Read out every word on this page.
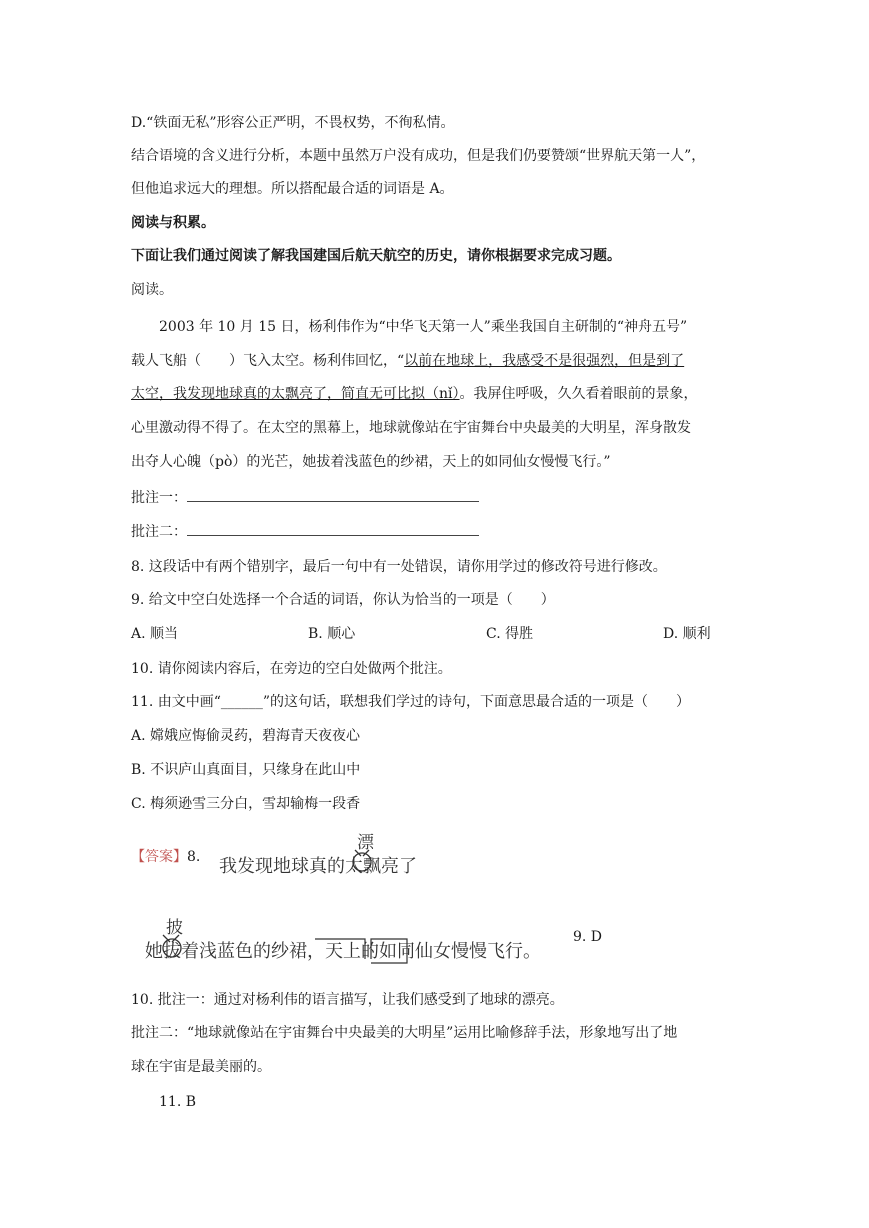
D.“铁面无私”形容公正严明，不畏权势，不徇私情。
结合语境的含义进行分析，本题中虽然万户没有成功，但是我们仍要赞颂“世界航天第一人”，
但他追求远大的理想。所以搭配最合适的词语是 A。
阅读与积累。
下面让我们通过阅读了解我国建国后航天航空的历史，请你根据要求完成习题。
阅读。
2003 年 10 月 15 日，杨利伟作为“中华飞天第一人”乘坐我国自主研制的“神舟五号”
载人飞船（ ）飞入太空。杨利伟回忆，“以前在地球上，我感受不是很强烈，但是到了
太空，我发现地球真的太飘亮了，简直无可比拟（nǐ）。我屏住呼吸，久久看着眼前的景象，
心里激动得不得了。在太空的黑幕上，地球就像站在宇宙舞台中央最美的大明星，浑身散发
出夺人心魄（pò）的光芒，她拔着浅蓝色的纱裙，天上的如同仙女慢慢飞行。”
批注一：
批注二：
8. 这段话中有两个错别字，最后一句中有一处错误，请你用学过的修改符号进行修改。
9. 给文中空白处选择一个合适的词语，你认为恰当的一项是（　　）
A. 顺当	B. 顺心	C. 得胜	D. 顺利
10. 请你阅读内容后，在旁边的空白处做两个批注。
11. 由文中画“______”的这句话，联想我们学过的诗句，下面意思最合适的一项是（　　）
A. 嫦娥应悔偷灵药，碧海青天夜夜心
B. 不识庐山真面目，只缘身在此山中
C. 梅须逊雪三分白，雪却输梅一段香
【答案】8. 我发现地球真的太飘亮了
漂
她拔着浅蓝色的纱裙，天上的如同仙女慢慢飞行。
披	9. D
10. 批注一：通过对杨利伟的语言描写，让我们感受到了地球的漂亮。
批注二：“地球就像站在宇宙舞台中央最美的大明星”运用比喻修辞手法，形象地写出了地
球在宇宙是最美丽的。
11. B
